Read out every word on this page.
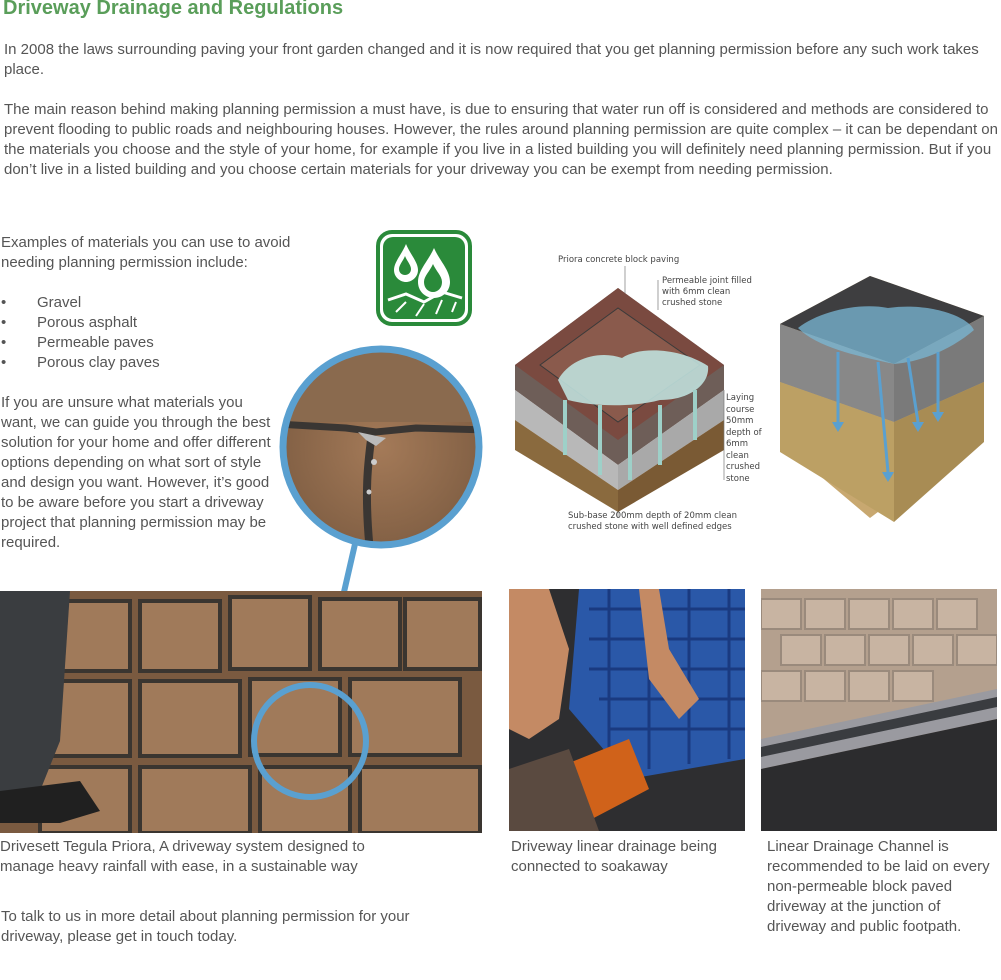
Driveway Drainage and Regulations
In 2008 the laws surrounding paving your front garden changed and it is now required that you get planning permission before any such work takes place.
The main reason behind making planning permission a must have, is due to ensuring that water run off is considered and methods are considered to prevent flooding to public roads and neighbouring houses. However, the rules around planning permission are quite complex – it can be dependant on the materials you choose and the style of your home, for example if you live in a listed building you will definitely need planning permission. But if you don’t live in a listed building and you choose certain materials for your driveway you can be exempt from needing permission.
Examples of materials you can use to avoid needing planning permission include:
• Gravel
• Porous asphalt
• Permeable paves
• Porous clay paves
If you are unsure what materials you want, we can guide you through the best solution for your home and offer different options depending on what sort of style and design you want. However, it’s good to be aware before you start a driveway project that planning permission may be required.
Priora concrete block paving
Permeable joint filled
with 6mm clean
crushed stone
Laying
course
50mm
depth of
6mm
clean
crushed
stone
Sub-base 200mm depth of 20mm clean
crushed stone with well defined edges
Drivesett Tegula Priora, A driveway system designed to manage heavy rainfall with ease, in a sustainable way
Driveway linear drainage being connected to soakaway
Linear Drainage Channel is recommended to be laid on every non-permeable block paved driveway at the junction of driveway and public footpath.
To talk to us in more detail about planning permission for your driveway, please get in touch today.
